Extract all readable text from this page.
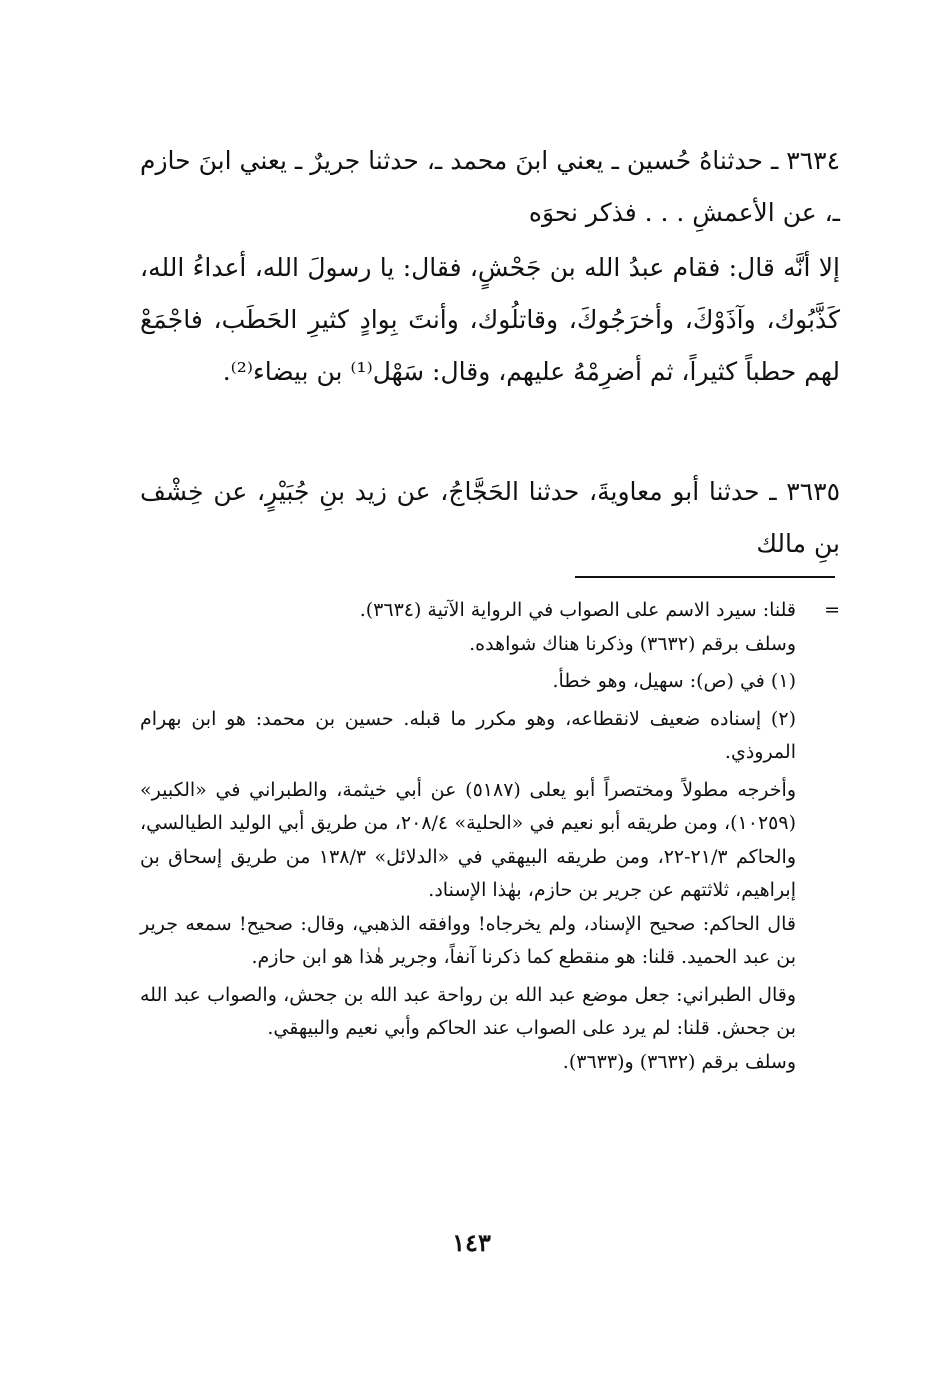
٣٦٣٤ ـ حدثناهُ حُسين ـ يعني ابنَ محمد ـ، حدثنا جريرٌ ـ يعني ابنَ حازم ـ، عن الأعمشِ . . . فذكر نحوَه

إلا أنَّه قال: فقام عبدُ الله بن جَحْشٍ، فقال: يا رسولَ الله، أعداءُ الله، كَذَّبُوك، وآذَوْكَ، وأخرَجُوكَ، وقاتلُوك، وأنتَ بِوادٍ كثيرِ الحَطَب، فاجْمَعْ لهم حطباً كثيراً، ثم أضرِمْهُ عليهم، وقال: سَهْل⁽¹⁾ بن بيضاء⁽²⁾.

٣٦٣٥ ـ حدثنا أبو معاويةَ، حدثنا الحَجَّاجُ، عن زيد بنِ جُبَيْرٍ، عن خِشْف بنِ مالك

=قلنا: سيرد الاسم على الصواب في الرواية الآتية (٣٦٣٤).

وسلف برقم (٣٦٣٢) وذكرنا هناك شواهده.

(١) في (ص): سهيل، وهو خطأ.

(٢) إسناده ضعيف لانقطاعه، وهو مكرر ما قبله. حسين بن محمد: هو ابن بهرام المروذي.

وأخرجه مطولاً ومختصراً أبو يعلى (٥١٨٧) عن أبي خيثمة، والطبراني في «الكبير» (١٠٢٥٩)، ومن طريقه أبو نعيم في «الحلية» ٢٠٨/٤، من طريق أبي الوليد الطيالسي، والحاكم ٢١/٣-٢٢، ومن طريقه البيهقي في «الدلائل» ١٣٨/٣ من طريق إسحاق بن إبراهيم، ثلاثتهم عن جرير بن حازم، بهٰذا الإسناد.

قال الحاكم: صحيح الإسناد، ولم يخرجاه! ووافقه الذهبي، وقال: صحيح! سمعه جرير بن عبد الحميد. قلنا: هو منقطع كما ذكرنا آنفاً، وجرير هٰذا هو ابن حازم.

وقال الطبراني: جعل موضع عبد الله بن رواحة عبد الله بن جحش، والصواب عبد الله بن جحش. قلنا: لم يرد على الصواب عند الحاكم وأبي نعيم والبيهقي.

وسلف برقم (٣٦٣٢) و(٣٦٣٣).

١٤٣
